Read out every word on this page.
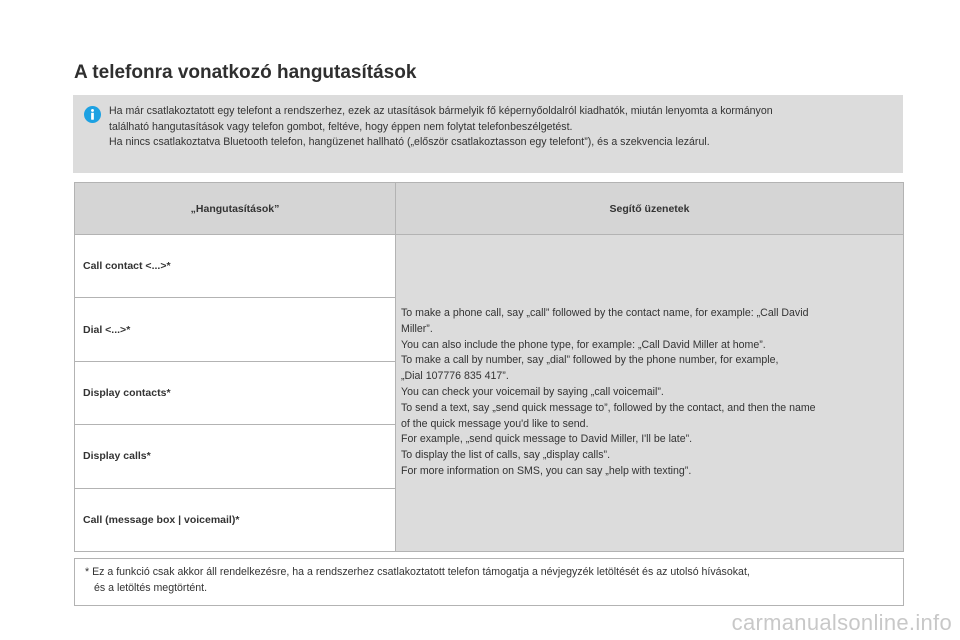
A telefonra vonatkozó hangutasítások

Ha már csatlakoztatott egy telefont a rendszerhez, ezek az utasítások bármelyik fő képernyőoldalról kiadhatók, miután lenyomta a kormányon

található hangutasítások vagy telefon gombot, feltéve, hogy éppen nem folytat telefonbeszélgetést.

Ha nincs csatlakoztatva Bluetooth telefon, hangüzenet hallható („először csatlakoztasson egy telefont”), és a szekvencia lezárul.

„Hangutasítások”	Segítő üzenetek
Call contact <...>*
Dial <...>*
Display contacts*
Display calls*
Call (message box | voicemail)*

To make a phone call, say „call” followed by the contact name, for example: „Call David

Miller”.

You can also include the phone type, for example: „Call David Miller at home”.

To make a call by number, say „dial” followed by the phone number, for example,

„Dial 107776 835 417”.

You can check your voicemail by saying „call voicemail”.

To send a text, say „send quick message to”, followed by the contact, and then the name

of the quick message you'd like to send.

For example, „send quick message to David Miller, I'll be late”.

To display the list of calls, say „display calls”.

For more information on SMS, you can say „help with texting”.

* Ez a funkció csak akkor áll rendelkezésre, ha a rendszerhez csatlakoztatott telefon támogatja a névjegyzék letöltését és az utolsó hívásokat,

és a letöltés megtörtént.

carmanualsonline.info
